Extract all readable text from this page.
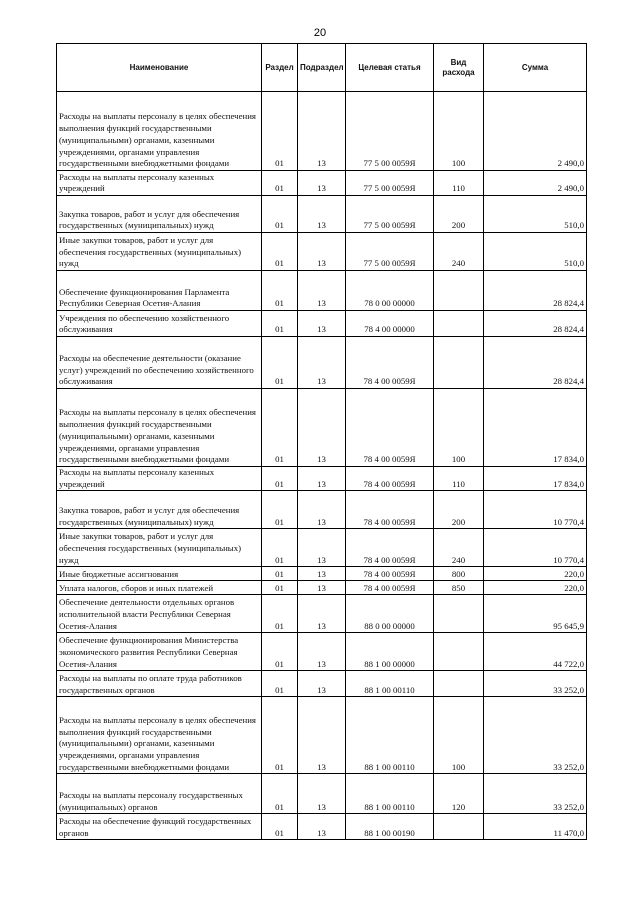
20
Наименование	Раздел	Подраздел	Целевая статья	Вид расхода	Сумма
Расходы на выплаты персоналу в целях обеспечения выполнения функций государственными (муниципальными) органами, казенными учреждениями, органами управления государственными внебюджетными фондами	01	13	77 5 00 0059Я	100	2 490,0
Расходы на выплаты персоналу казенных учреждений	01	13	77 5 00 0059Я	110	2 490,0
Закупка товаров, работ и услуг для обеспечения государственных (муниципальных) нужд	01	13	77 5 00 0059Я	200	510,0
Иные закупки товаров, работ и услуг для обеспечения государственных (муниципальных) нужд	01	13	77 5 00 0059Я	240	510,0
Обеспечение функционирования Парламента Республики Северная Осетия-Алания	01	13	78 0 00 00000		28 824,4
Учреждения по обеспечению хозяйственного обслуживания	01	13	78 4 00 00000		28 824,4
Расходы на обеспечение деятельности (оказание услуг) учреждений по обеспечению хозяйственного обслуживания	01	13	78 4 00 0059Я		28 824,4
Расходы на выплаты персоналу в целях обеспечения выполнения функций государственными (муниципальными) органами, казенными учреждениями, органами управления государственными внебюджетными фондами	01	13	78 4 00 0059Я	100	17 834,0
Расходы на выплаты персоналу казенных учреждений	01	13	78 4 00 0059Я	110	17 834,0
Закупка товаров, работ и услуг для обеспечения государственных (муниципальных) нужд	01	13	78 4 00 0059Я	200	10 770,4
Иные закупки товаров, работ и услуг для обеспечения государственных (муниципальных) нужд	01	13	78 4 00 0059Я	240	10 770,4
Иные бюджетные ассигнования	01	13	78 4 00 0059Я	800	220,0
Уплата налогов, сборов и иных платежей	01	13	78 4 00 0059Я	850	220,0
Обеспечение деятельности отдельных органов исполнительной власти Республики Северная Осетия-Алания	01	13	88 0 00 00000		95 645,9
Обеспечение функционирования Министерства экономического развития Республики Северная Осетия-Алания	01	13	88 1 00 00000		44 722,0
Расходы на выплаты по оплате труда работников государственных органов	01	13	88 1 00 00110		33 252,0
Расходы на выплаты персоналу в целях обеспечения выполнения функций государственными (муниципальными) органами, казенными учреждениями, органами управления государственными внебюджетными фондами	01	13	88 1 00 00110	100	33 252,0
Расходы на выплаты персоналу государственных (муниципальных) органов	01	13	88 1 00 00110	120	33 252,0
Расходы на обеспечение функций государственных органов	01	13	88 1 00 00190		11 470,0
